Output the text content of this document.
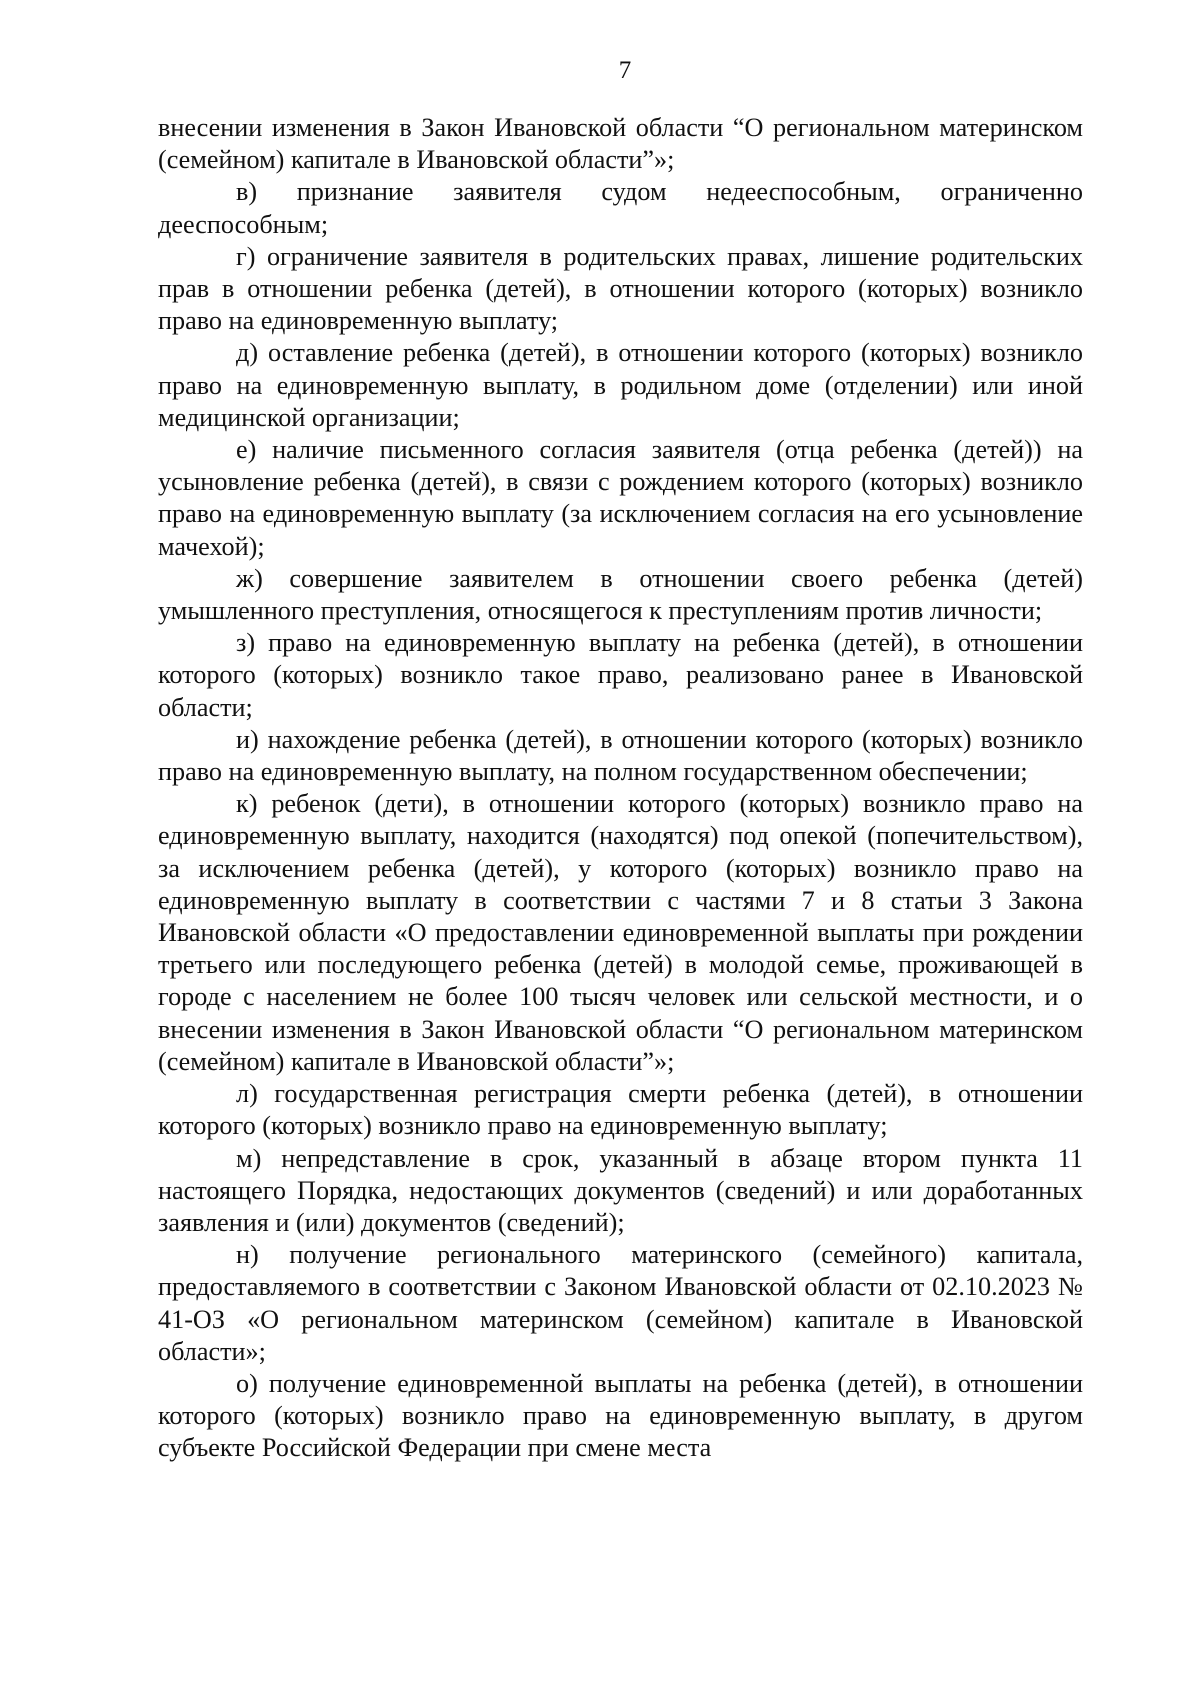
7

внесении изменения в Закон Ивановской области “О региональном материнском (семейном) капитале в Ивановской области”»;

в) признание заявителя судом недееспособным, ограниченно дееспособным;

г) ограничение заявителя в родительских правах, лишение родительских прав в отношении ребенка (детей), в отношении которого (которых) возникло право на единовременную выплату;

д) оставление ребенка (детей), в отношении которого (которых) возникло право на единовременную выплату, в родильном доме (отделении) или иной медицинской организации;

е) наличие письменного согласия заявителя (отца ребенка (детей)) на усыновление ребенка (детей), в связи с рождением которого (которых) возникло право на единовременную выплату (за исключением согласия на его усыновление мачехой);

ж) совершение заявителем в отношении своего ребенка (детей) умышленного преступления, относящегося к преступлениям против личности;

з) право на единовременную выплату на ребенка (детей), в отношении которого (которых) возникло такое право, реализовано ранее в Ивановской области;

и) нахождение ребенка (детей), в отношении которого (которых) возникло право на единовременную выплату, на полном государственном обеспечении;

к) ребенок (дети), в отношении которого (которых) возникло право на единовременную выплату, находится (находятся) под опекой (попечительством), за исключением ребенка (детей), у которого (которых) возникло право на единовременную выплату в соответствии с частями 7 и 8 статьи 3 Закона Ивановской области «О предоставлении единовременной выплаты при рождении третьего или последующего ребенка (детей) в молодой семье, проживающей в городе с населением не более 100 тысяч человек или сельской местности, и о внесении изменения в Закон Ивановской области “О региональном материнском (семейном) капитале в Ивановской области”»;

л) государственная регистрация смерти ребенка (детей), в отношении которого (которых) возникло право на единовременную выплату;

м) непредставление в срок, указанный в абзаце втором пункта 11 настоящего Порядка, недостающих документов (сведений) и или доработанных заявления и (или) документов (сведений);

н) получение регионального материнского (семейного) капитала, предоставляемого в соответствии с Законом Ивановской области от 02.10.2023 № 41-ОЗ «О региональном материнском (семейном) капитале в Ивановской области»;

о) получение единовременной выплаты на ребенка (детей), в отношении которого (которых) возникло право на единовременную выплату, в другом субъекте Российской Федерации при смене места
